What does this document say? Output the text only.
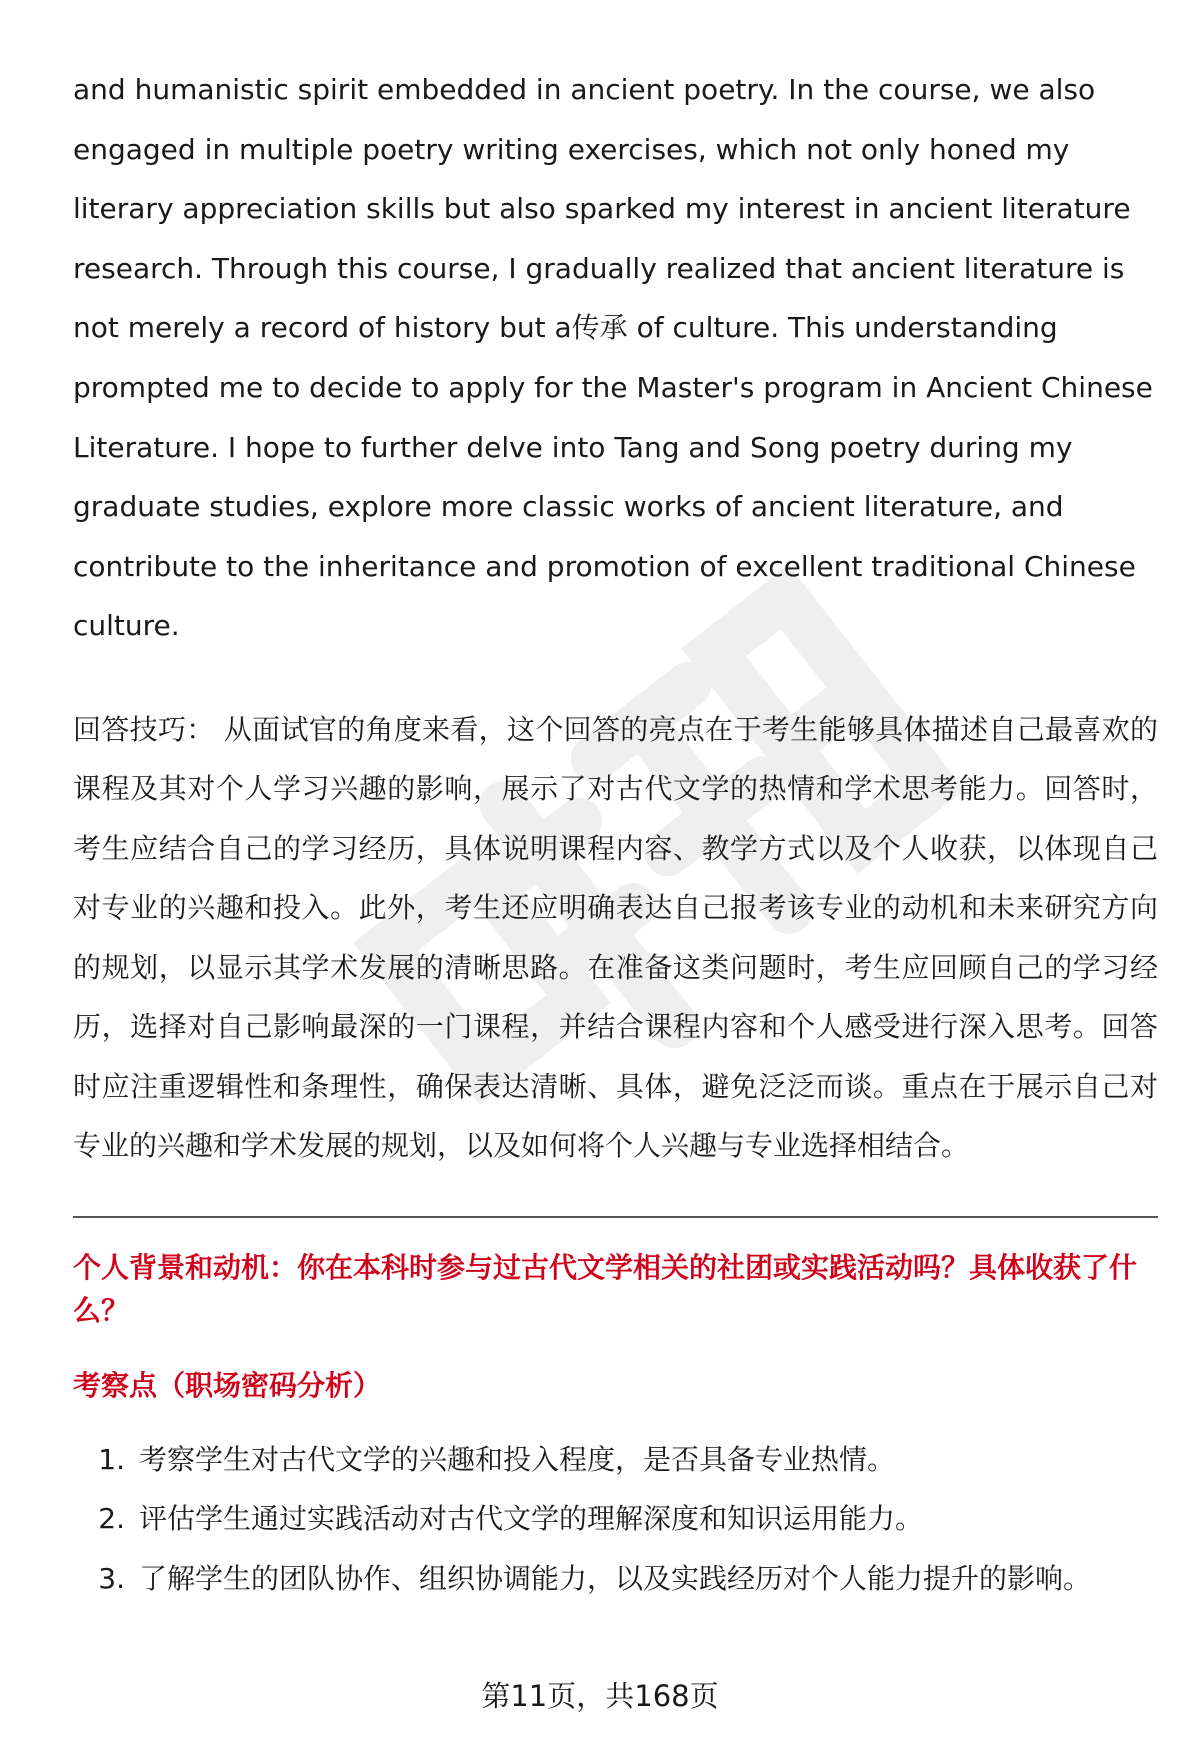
and humanistic spirit embedded in ancient poetry. In the course, we also engaged in multiple poetry writing exercises, which not only honed my literary appreciation skills but also sparked my interest in ancient literature research. Through this course, I gradually realized that ancient literature is not merely a record of history but a传承 of culture. This understanding prompted me to decide to apply for the Master's program in Ancient Chinese Literature. I hope to further delve into Tang and Song poetry during my graduate studies, explore more classic works of ancient literature, and contribute to the inheritance and promotion of excellent traditional Chinese culture.

回答技巧： 从面试官的角度来看，这个回答的亮点在于考生能够具体描述自己最喜欢的课程及其对个人学习兴趣的影响，展示了对古代文学的热情和学术思考能力。回答时，考生应结合自己的学习经历，具体说明课程内容、教学方式以及个人收获，以体现自己对专业的兴趣和投入。此外，考生还应明确表达自己报考该专业的动机和未来研究方向的规划，以显示其学术发展的清晰思路。在准备这类问题时，考生应回顾自己的学习经历，选择对自己影响最深的一门课程，并结合课程内容和个人感受进行深入思考。回答时应注重逻辑性和条理性，确保表达清晰、具体，避免泛泛而谈。重点在于展示自己对专业的兴趣和学术发展的规划，以及如何将个人兴趣与专业选择相结合。

个人背景和动机：你在本科时参与过古代文学相关的社团或实践活动吗？具体收获了什么？
考察点（职场密码分析）
1. 考察学生对古代文学的兴趣和投入程度，是否具备专业热情。
2. 评估学生通过实践活动对古代文学的理解深度和知识运用能力。
3. 了解学生的团队协作、组织协调能力，以及实践经历对个人能力提升的影响。
第11页，共168页
